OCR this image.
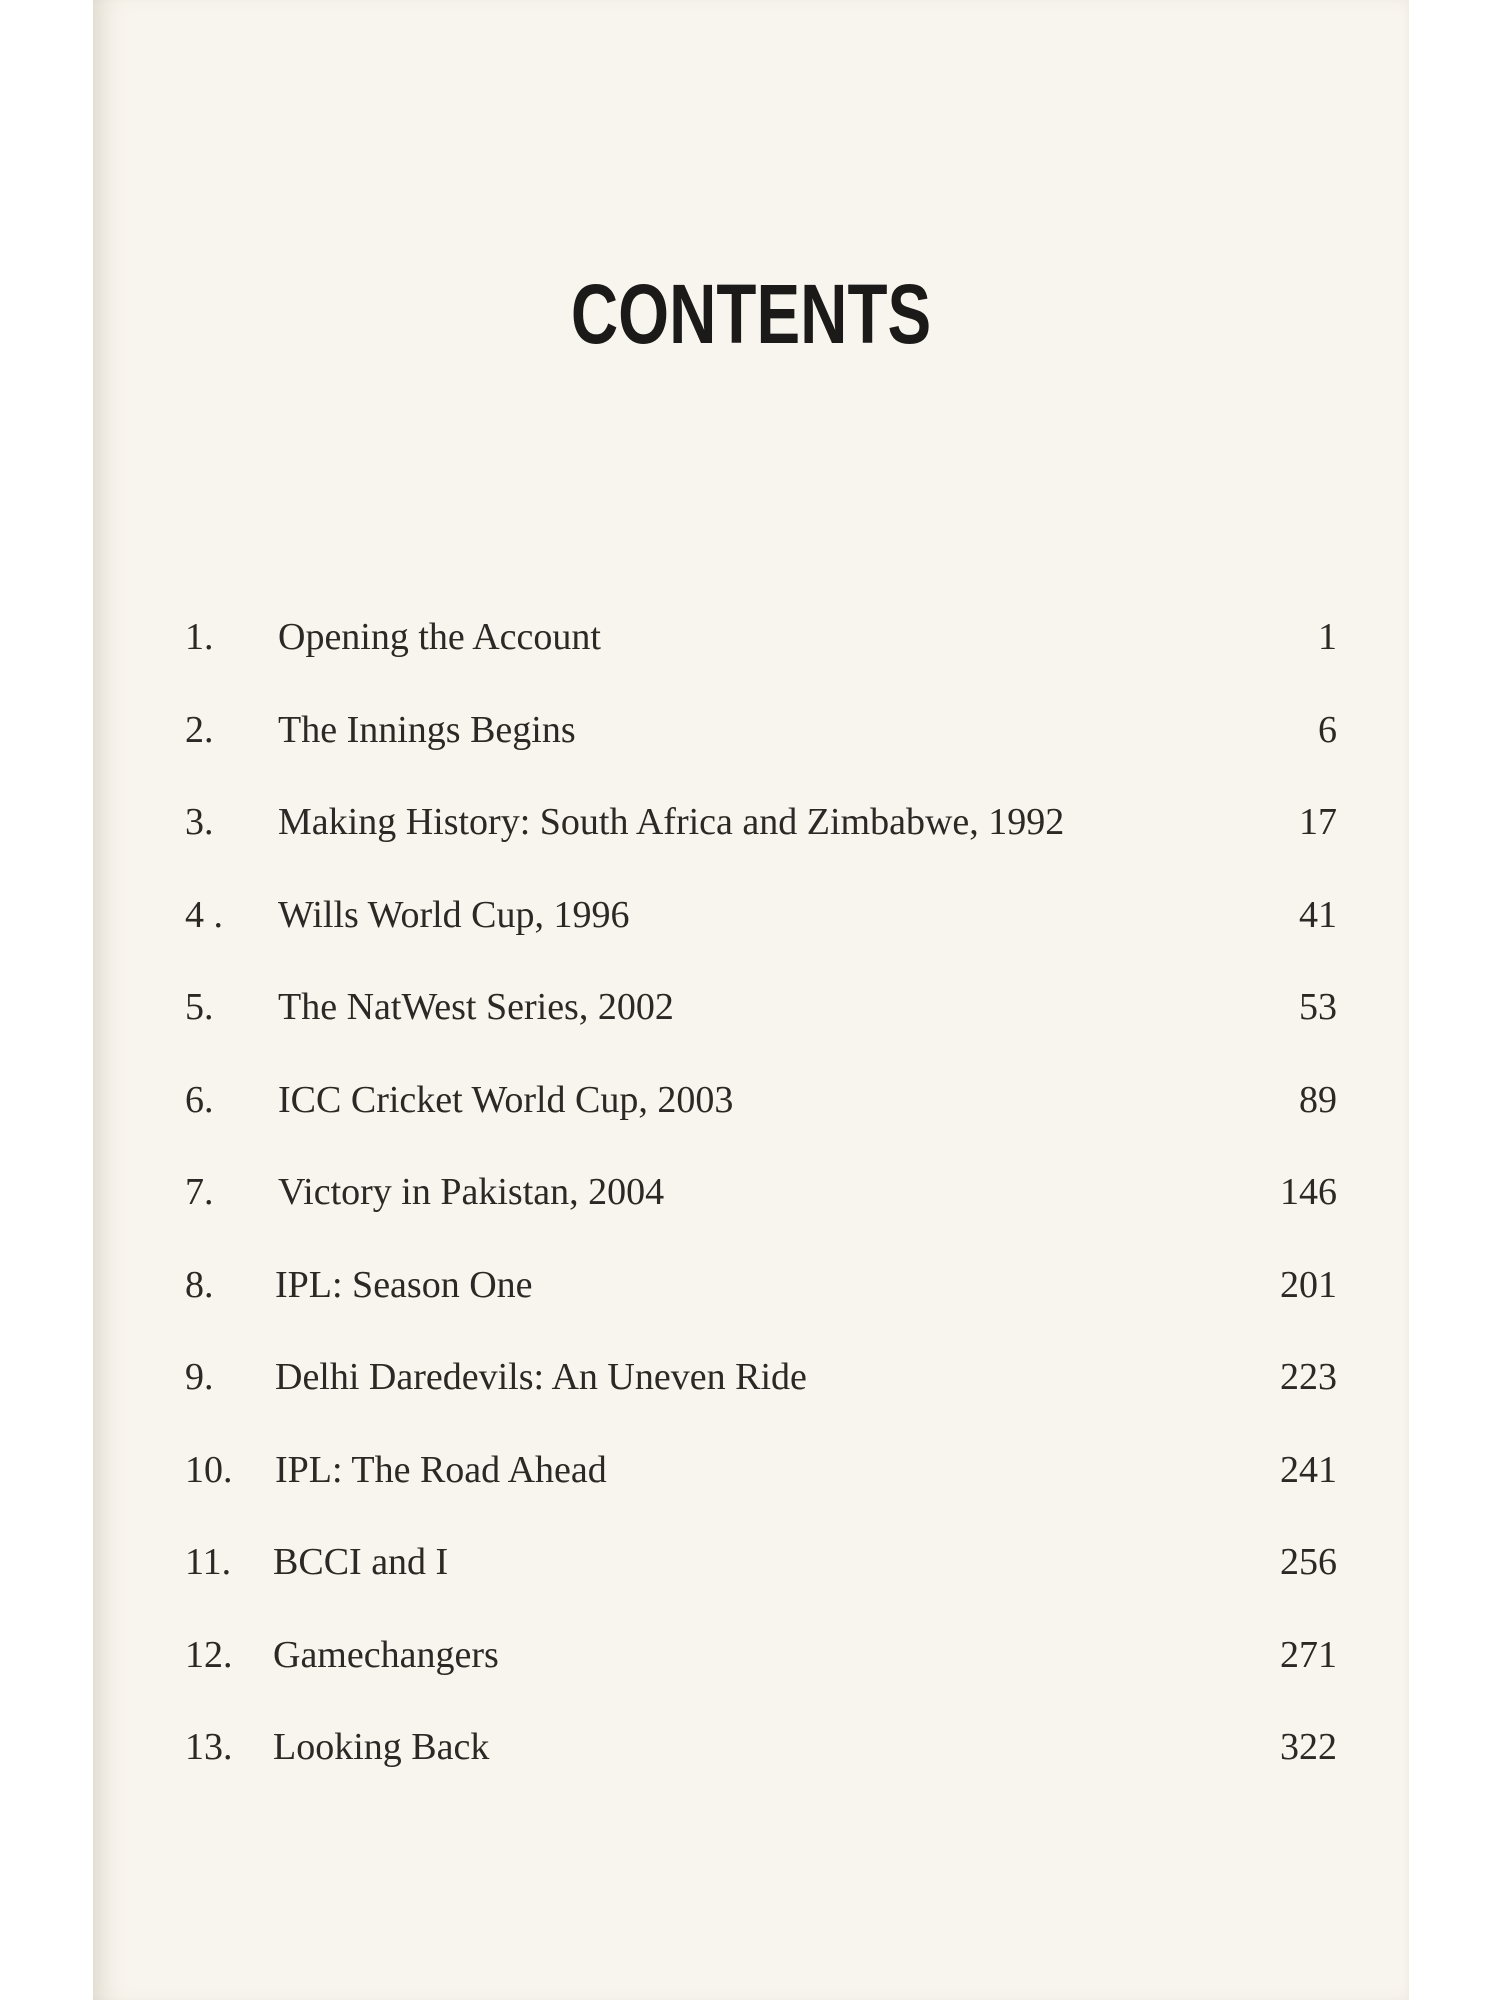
CONTENTS
1. Opening the Account	1
2. The Innings Begins	6
3. Making History: South Africa and Zimbabwe, 1992	17
4 . Wills World Cup, 1996	41
5. The NatWest Series, 2002	53
6. ICC Cricket World Cup, 2003	89
7. Victory in Pakistan, 2004	146
8. IPL: Season One	201
9. Delhi Daredevils: An Uneven Ride	223
10. IPL: The Road Ahead	241
11. BCCI and I	256
12. Gamechangers	271
13. Looking Back	322
